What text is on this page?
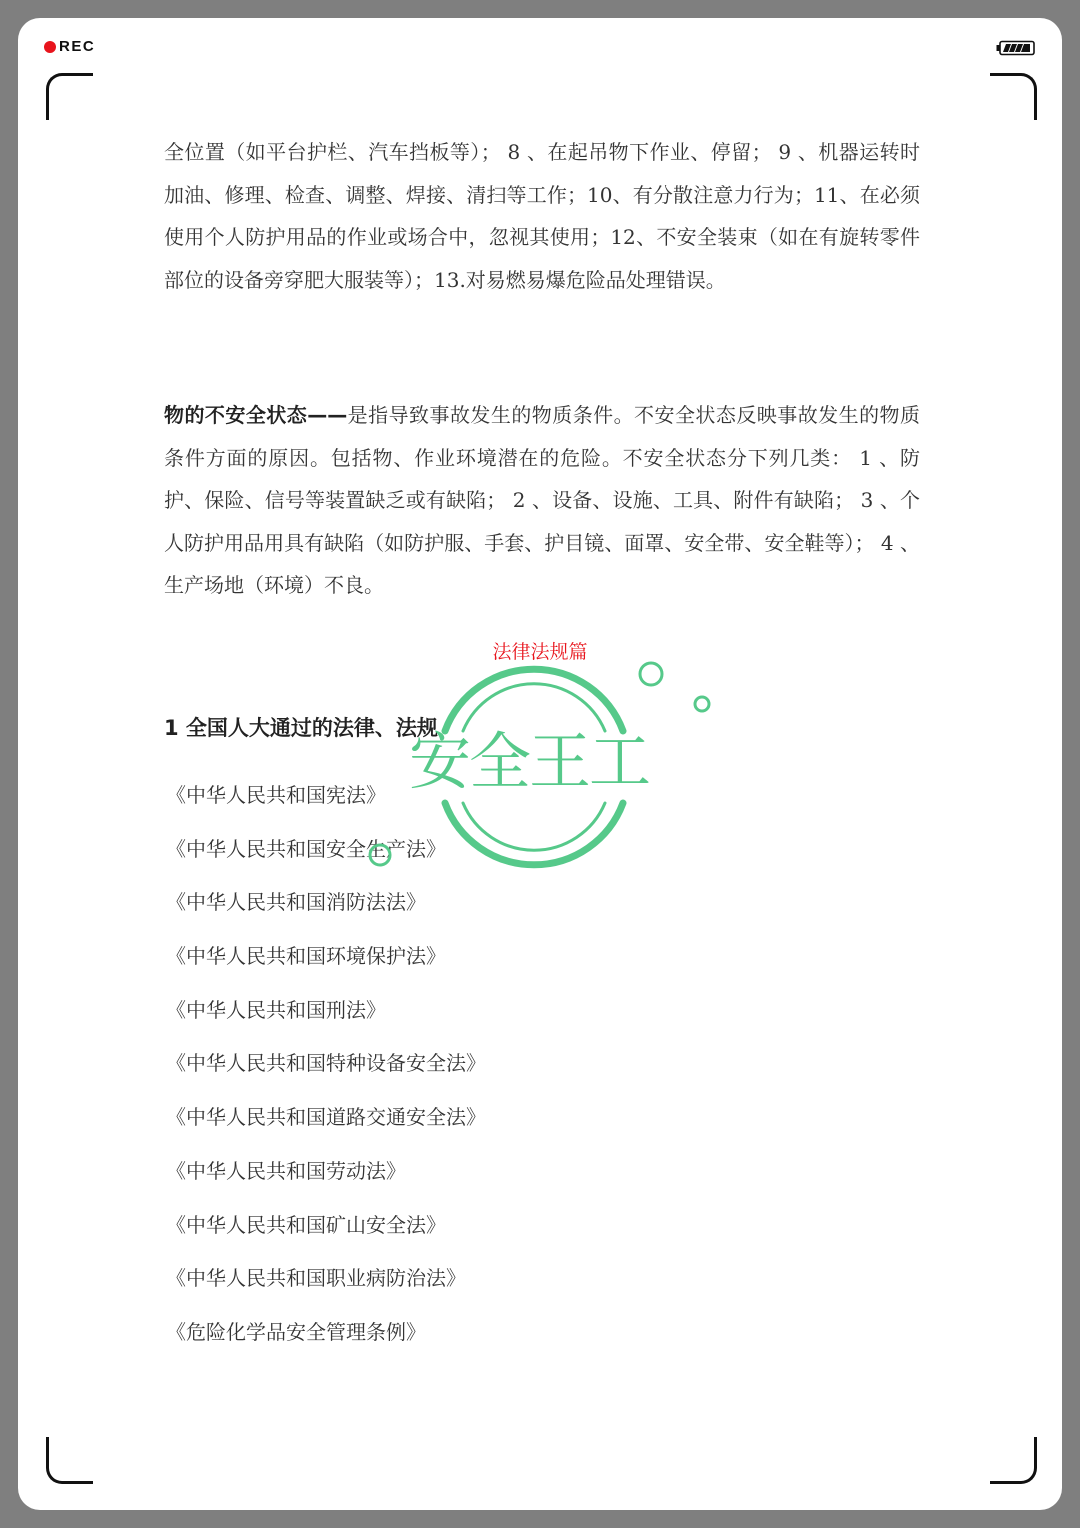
REC

全位置（如平台护栏、汽车挡板等）； 8 、在起吊物下作业、停留； 9 、机器运转时加油、修理、检查、调整、焊接、清扫等工作；10、有分散注意力行为；11、在必须使用个人防护用品的作业或场合中，忽视其使用；12、不安全装束（如在有旋转零件部位的设备旁穿肥大服装等）；13.对易燃易爆危险品处理错误。

物的不安全状态——是指导致事故发生的物质条件。不安全状态反映事故发生的物质条件方面的原因。包括物、作业环境潜在的危险。不安全状态分下列几类： 1 、防护、保险、信号等装置缺乏或有缺陷； 2 、设备、设施、工具、附件有缺陷； 3 、个人防护用品用具有缺陷（如防护服、手套、护目镜、面罩、安全带、安全鞋等）； 4 、生产场地（环境）不良。

1 全国人大通过的法律、法规
《中华人民共和国宪法》
《中华人民共和国安全生产法》
《中华人民共和国消防法法》
《中华人民共和国环境保护法》
《中华人民共和国刑法》
《中华人民共和国特种设备安全法》
《中华人民共和国道路交通安全法》
《中华人民共和国劳动法》
《中华人民共和国矿山安全法》
《中华人民共和国职业病防治法》
《危险化学品安全管理条例》
法律法规篇
安全王工
